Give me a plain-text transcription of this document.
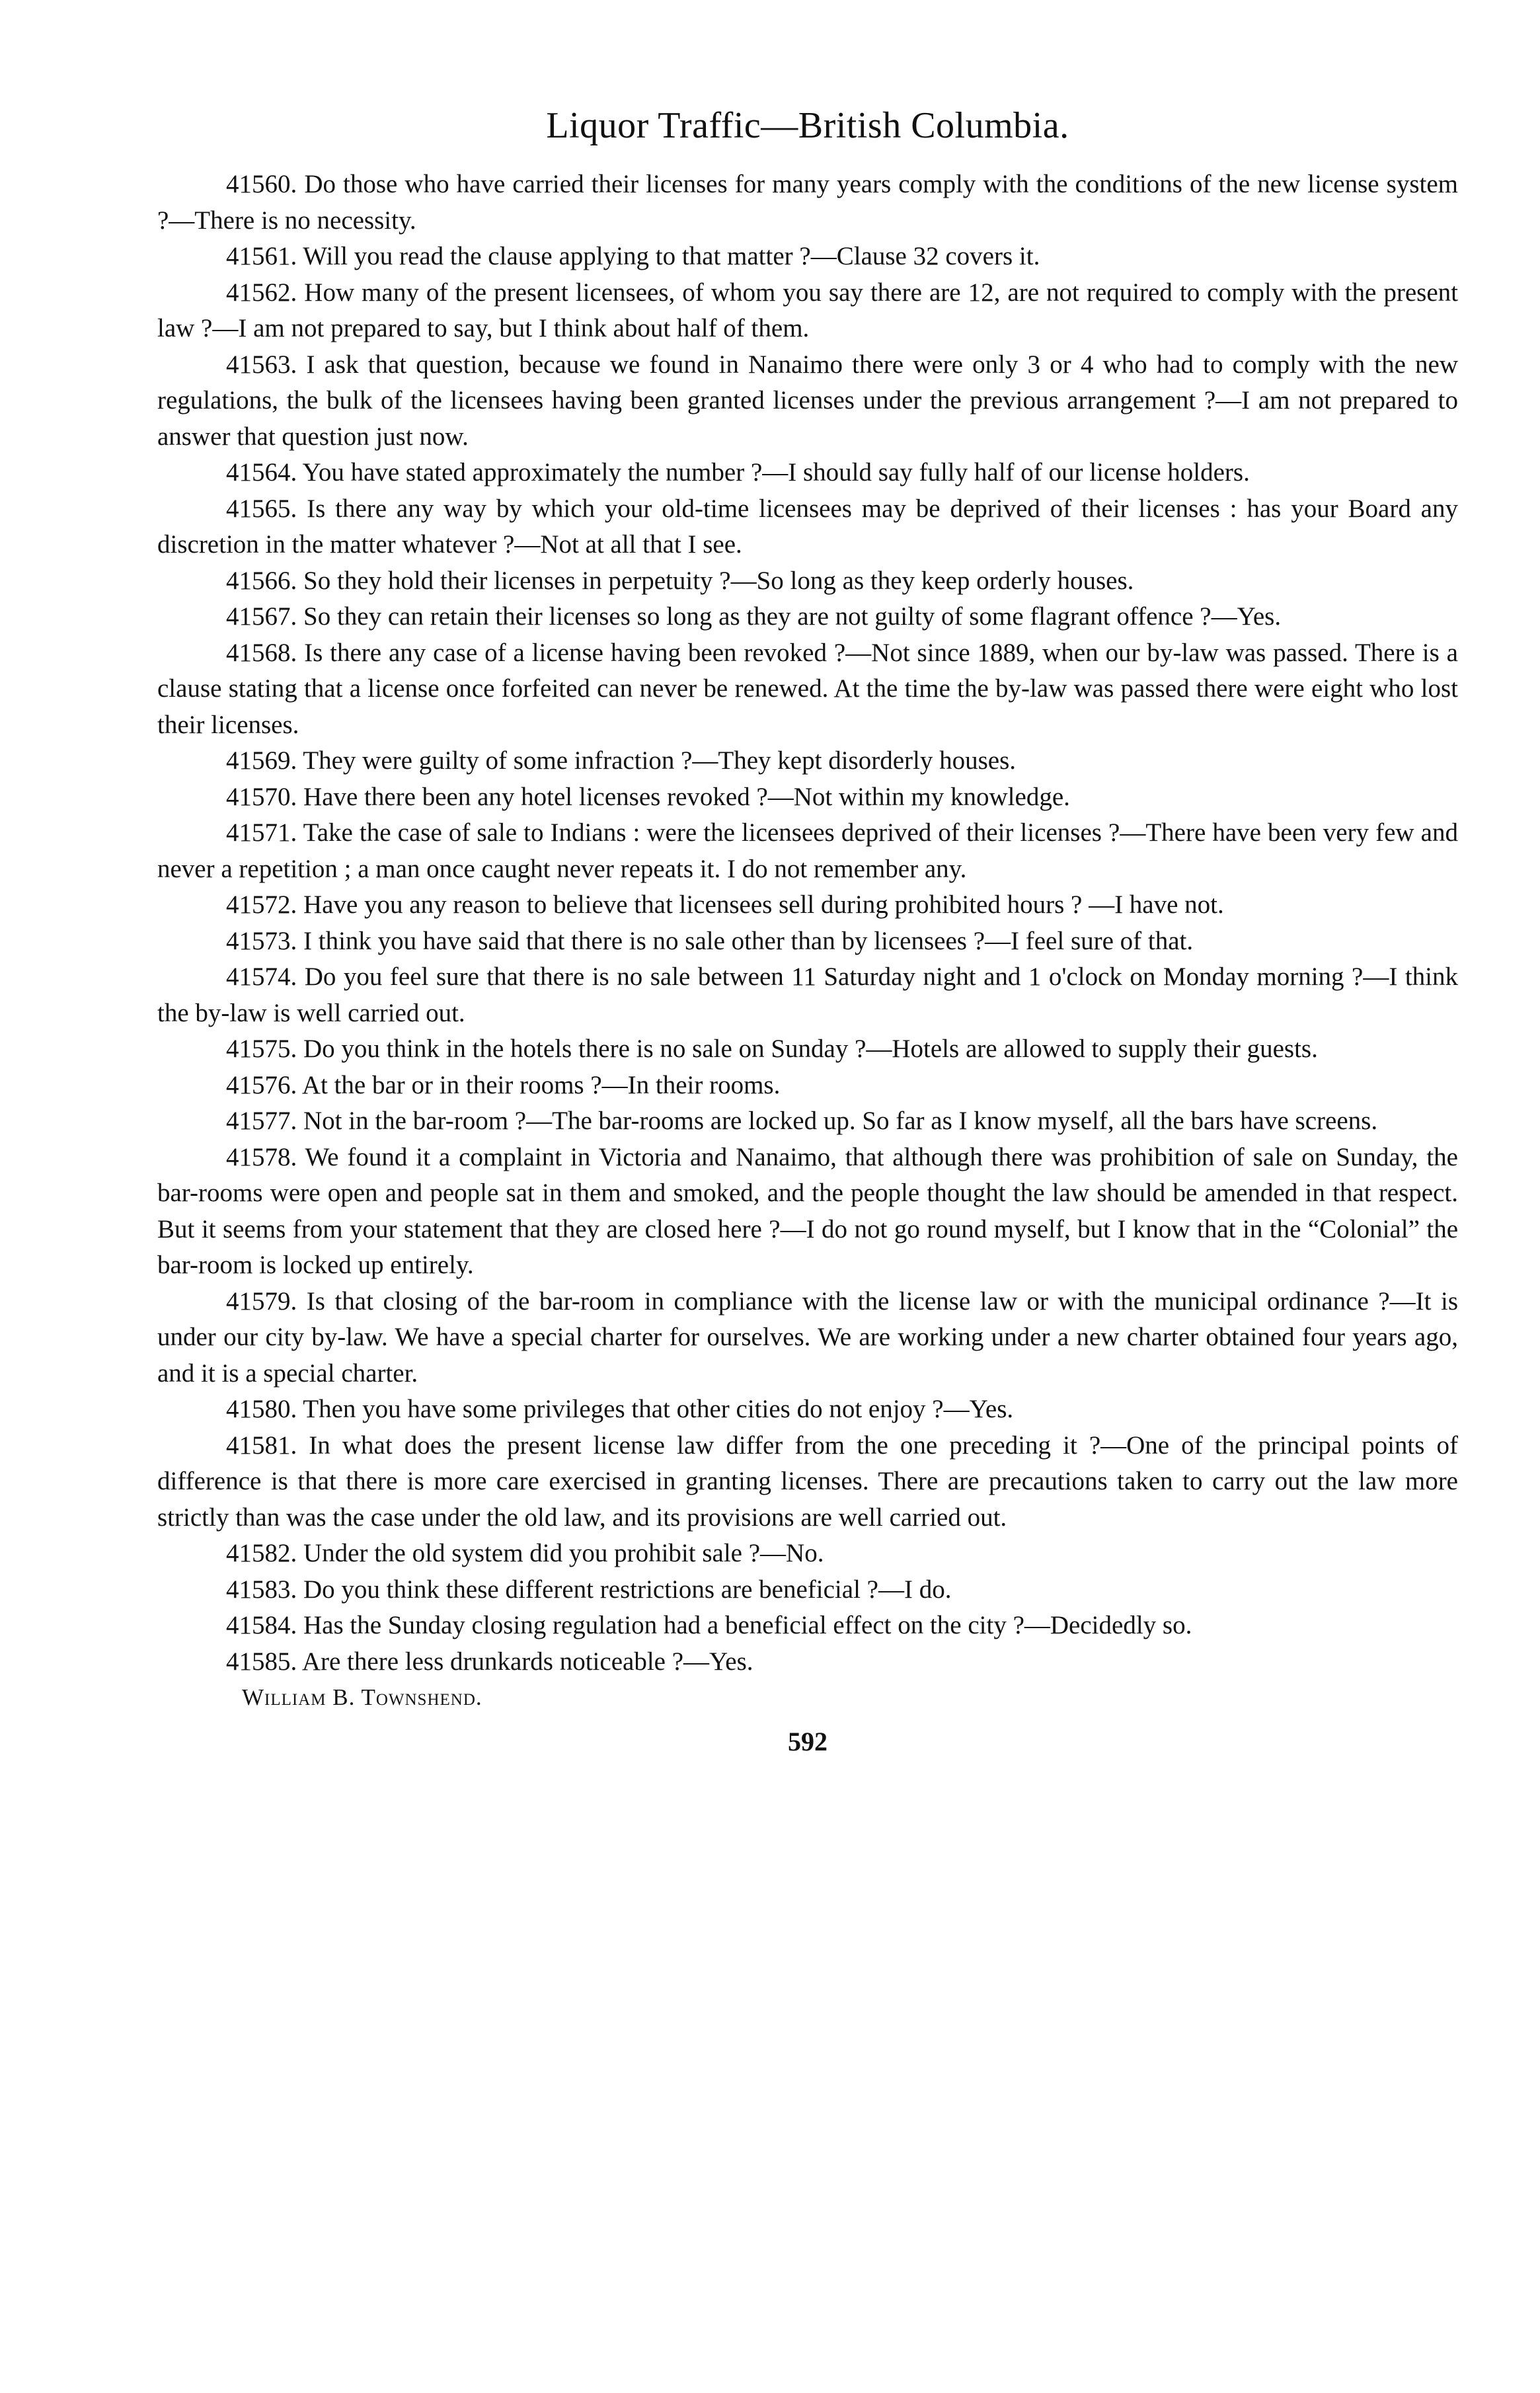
Liquor Traffic—British Columbia.

41560. Do those who have carried their licenses for many years comply with the conditions of the new license system ?—There is no necessity.

41561. Will you read the clause applying to that matter ?—Clause 32 covers it.

41562. How many of the present licensees, of whom you say there are 12, are not required to comply with the present law ?—I am not prepared to say, but I think about half of them.

41563. I ask that question, because we found in Nanaimo there were only 3 or 4 who had to comply with the new regulations, the bulk of the licensees having been granted licenses under the previous arrangement ?—I am not prepared to answer that question just now.

41564. You have stated approximately the number ?—I should say fully half of our license holders.

41565. Is there any way by which your old-time licensees may be deprived of their licenses : has your Board any discretion in the matter whatever ?—Not at all that I see.

41566. So they hold their licenses in perpetuity ?—So long as they keep orderly houses.

41567. So they can retain their licenses so long as they are not guilty of some flagrant offence ?—Yes.

41568. Is there any case of a license having been revoked ?—Not since 1889, when our by-law was passed. There is a clause stating that a license once forfeited can never be renewed. At the time the by-law was passed there were eight who lost their licenses.

41569. They were guilty of some infraction ?—They kept disorderly houses.

41570. Have there been any hotel licenses revoked ?—Not within my knowledge.

41571. Take the case of sale to Indians : were the licensees deprived of their licenses ?—There have been very few and never a repetition ; a man once caught never repeats it. I do not remember any.

41572. Have you any reason to believe that licensees sell during prohibited hours ? —I have not.

41573. I think you have said that there is no sale other than by licensees ?—I feel sure of that.

41574. Do you feel sure that there is no sale between 11 Saturday night and 1 o'clock on Monday morning ?—I think the by-law is well carried out.

41575. Do you think in the hotels there is no sale on Sunday ?—Hotels are allowed to supply their guests.

41576. At the bar or in their rooms ?—In their rooms.

41577. Not in the bar-room ?—The bar-rooms are locked up. So far as I know myself, all the bars have screens.

41578. We found it a complaint in Victoria and Nanaimo, that although there was prohibition of sale on Sunday, the bar-rooms were open and people sat in them and smoked, and the people thought the law should be amended in that respect. But it seems from your statement that they are closed here ?—I do not go round myself, but I know that in the “Colonial” the bar-room is locked up entirely.

41579. Is that closing of the bar-room in compliance with the license law or with the municipal ordinance ?—It is under our city by-law. We have a special charter for ourselves. We are working under a new charter obtained four years ago, and it is a special charter.

41580. Then you have some privileges that other cities do not enjoy ?—Yes.

41581. In what does the present license law differ from the one preceding it ?—One of the principal points of difference is that there is more care exercised in granting licenses. There are precautions taken to carry out the law more strictly than was the case under the old law, and its provisions are well carried out.

41582. Under the old system did you prohibit sale ?—No.

41583. Do you think these different restrictions are beneficial ?—I do.

41584. Has the Sunday closing regulation had a beneficial effect on the city ?—Decidedly so.

41585. Are there less drunkards noticeable ?—Yes.

William B. Townshend.

592
